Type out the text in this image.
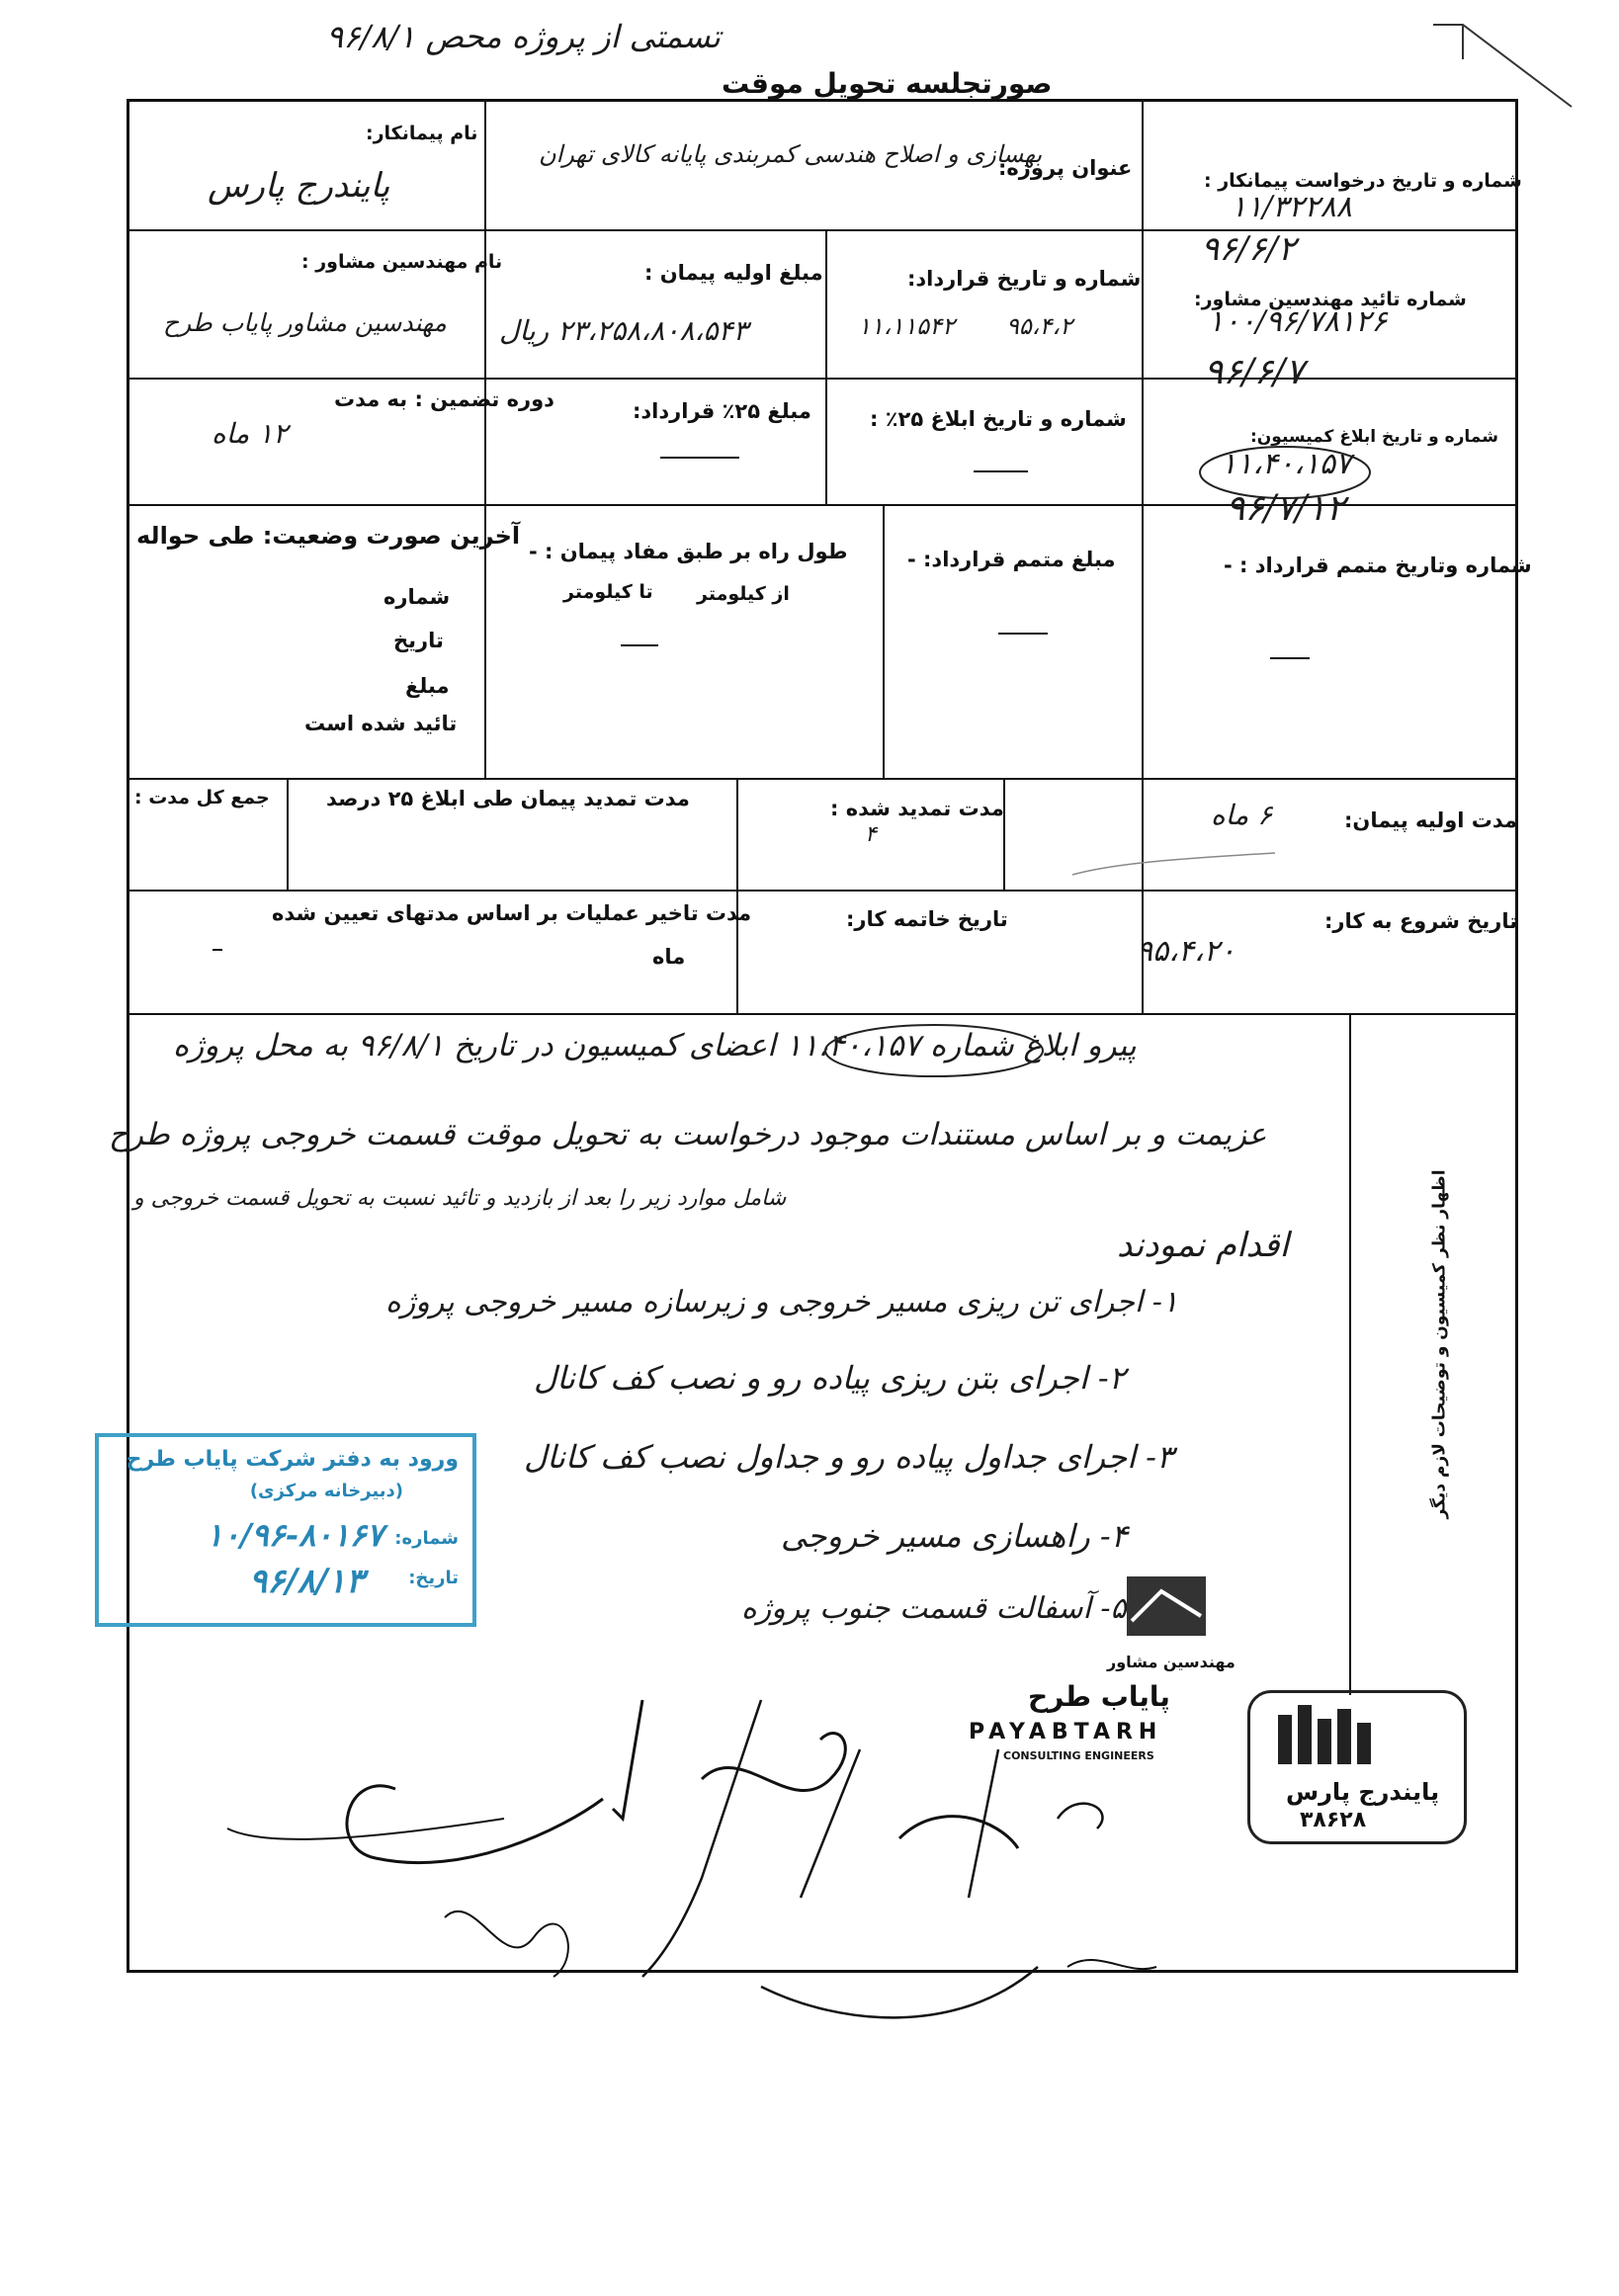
تسمتی از پروژه محص ۹۶/۸/۱
صورتجلسه تحویل موقت
شماره و تاریخ درخواست پیمانکار :
۱۱/۳۲۲۸۸
۹۶/۶/۲
عنوان پروژه:
بهسازی و اصلاح هندسی کمربندی پایانه کالای تهران
نام پیمانکار:
پایندرج پارس
شماره تائید مهندسین مشاور:
۱۰۰/۹۶/۷۸۱۲۶
۹۶/۶/۷
شماره و تاریخ قرارداد:
۱۱،۱۱۵۴۲ ۹۵،۴،۲
مبلغ اولیه پیمان :
۲۳،۲۵۸،۸۰۸،۵۴۳ ریال
نام مهندسین مشاور :
مهندسین مشاور پایاب طرح
شماره و تاریخ ابلاغ کمیسیون:
۱۱،۴۰،۱۵۷
۹۶/۷/۱۲
شماره و تاریخ ابلاغ ۲۵٪ :
مبلغ ۲۵٪ قرارداد:
دوره تضمین : به مدت
۱۲ ماه
شماره وتاریخ متمم قرارداد : -
مبلغ متمم قرارداد: -
طول راه بر طبق مفاد پیمان : -
از کیلومتر
تا کیلومتر
آخرین صورت وضعیت: طی حواله
شماره
تاریخ
مبلغ
تائید شده است
مدت اولیه پیمان:
۶ ماه
مدت تمدید شده :
۴
مدت تمدید پیمان طی ابلاغ ۲۵ درصد
جمع کل مدت :
تاریخ شروع به کار:
۹۵،۴،۲۰
تاریخ خاتمه کار:
مدت تاخیر عملیات بر اساس مدتهای تعیین شده
ماه
اظهار نظر کمیسیون و توضیحات لازم دیگر
پیرو ابلاغ شماره ۱۱،۴۰،۱۵۷ اعضای کمیسیون در تاریخ ۹۶/۸/۱ به محل پروژه
عزیمت و بر اساس مستندات موجود درخواست به تحویل موقت قسمت خروجی پروژه طرح
شامل موارد زیر را بعد از بازدید و تائید نسبت به تحویل قسمت خروجی و
اقدام نمودند
۱- اجرای تن ریزی مسیر خروجی و زیرسازه مسیر خروجی پروژه
۲- اجرای بتن ریزی پیاده رو و نصب کف کانال
۳- اجرای جداول پیاده رو و جداول نصب کف کانال
۴- راهسازی مسیر خروجی
۵- آسفالت قسمت جنوب پروژه
ورود به دفتر شرکت پایاب طرح
(دبیرخانه مرکزی)
شماره:
۱۰/۹۶-۸۰۱۶۷
تاریخ:
۹۶/۸/۱۳
مهندسین مشاور
پایاب طرح
PAYABTARH
CONSULTING ENGINEERS
پایندرج پارس
۳۸۶۲۸
